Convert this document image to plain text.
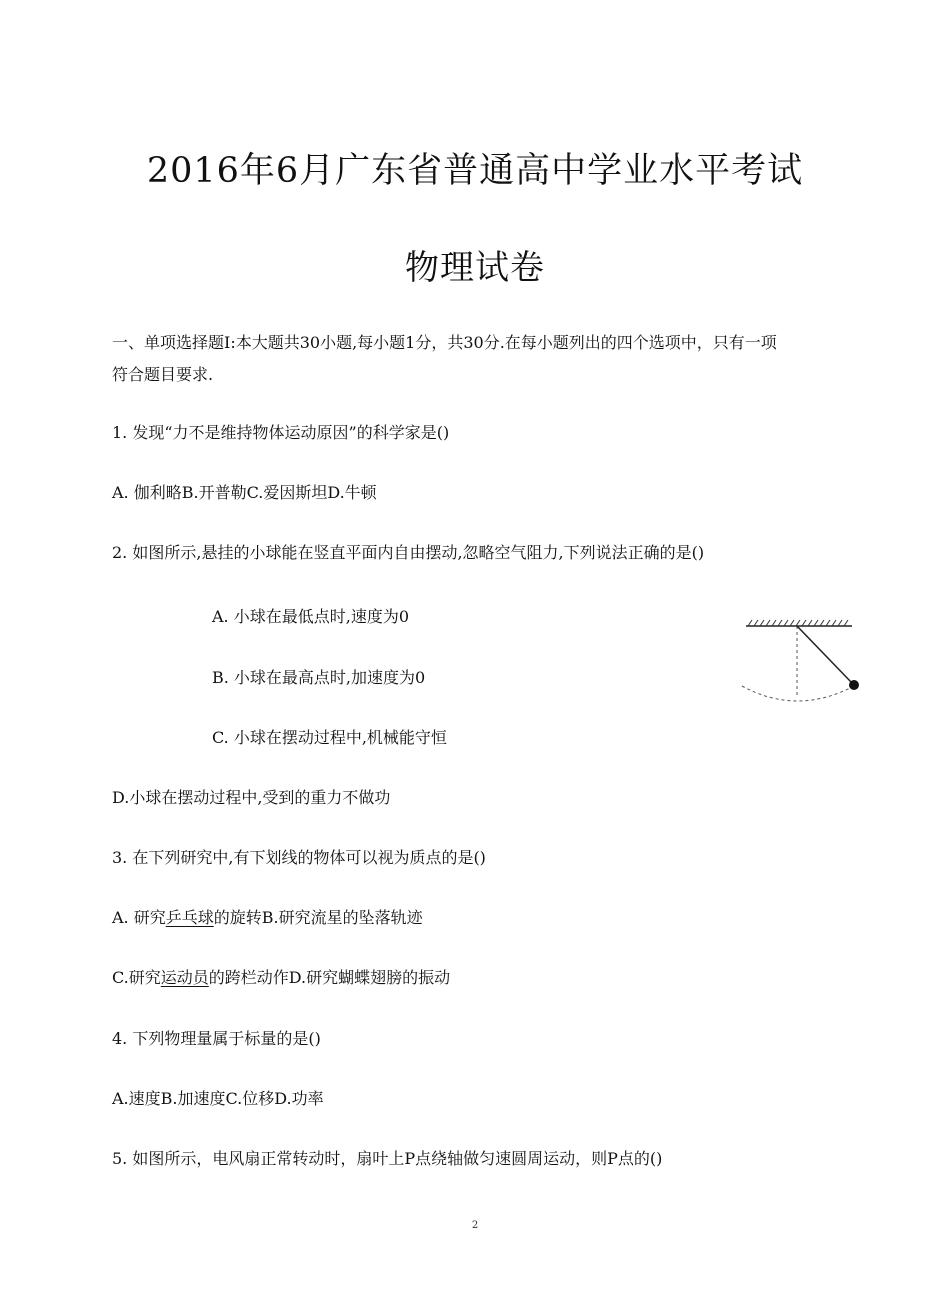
2016年6月广东省普通高中学业水平考试
物理试卷
一、单项选择题I:本大题共30小题,每小题1分，共30分.在每小题列出的四个选项中，只有一项
符合题目要求.
1. 发现“力不是维持物体运动原因”的科学家是()
A. 伽利略B.开普勒C.爱因斯坦D.牛顿
2. 如图所示,悬挂的小球能在竖直平面内自由摆动,忽略空气阻力,下列说法正确的是()
A. 小球在最低点时,速度为0
B. 小球在最高点时,加速度为0
C. 小球在摆动过程中,机械能守恒
D.小球在摆动过程中,受到的重力不做功
3. 在下列研究中,有下划线的物体可以视为质点的是()
A. 研究乒乓球的旋转B.研究流星的坠落轨迹
C.研究运动员的跨栏动作D.研究蝴蝶翅膀的振动
4. 下列物理量属于标量的是()
A.速度B.加速度C.位移D.功率
5. 如图所示，电风扇正常转动时，扇叶上P点绕轴做匀速圆周运动，则P点的()
2
